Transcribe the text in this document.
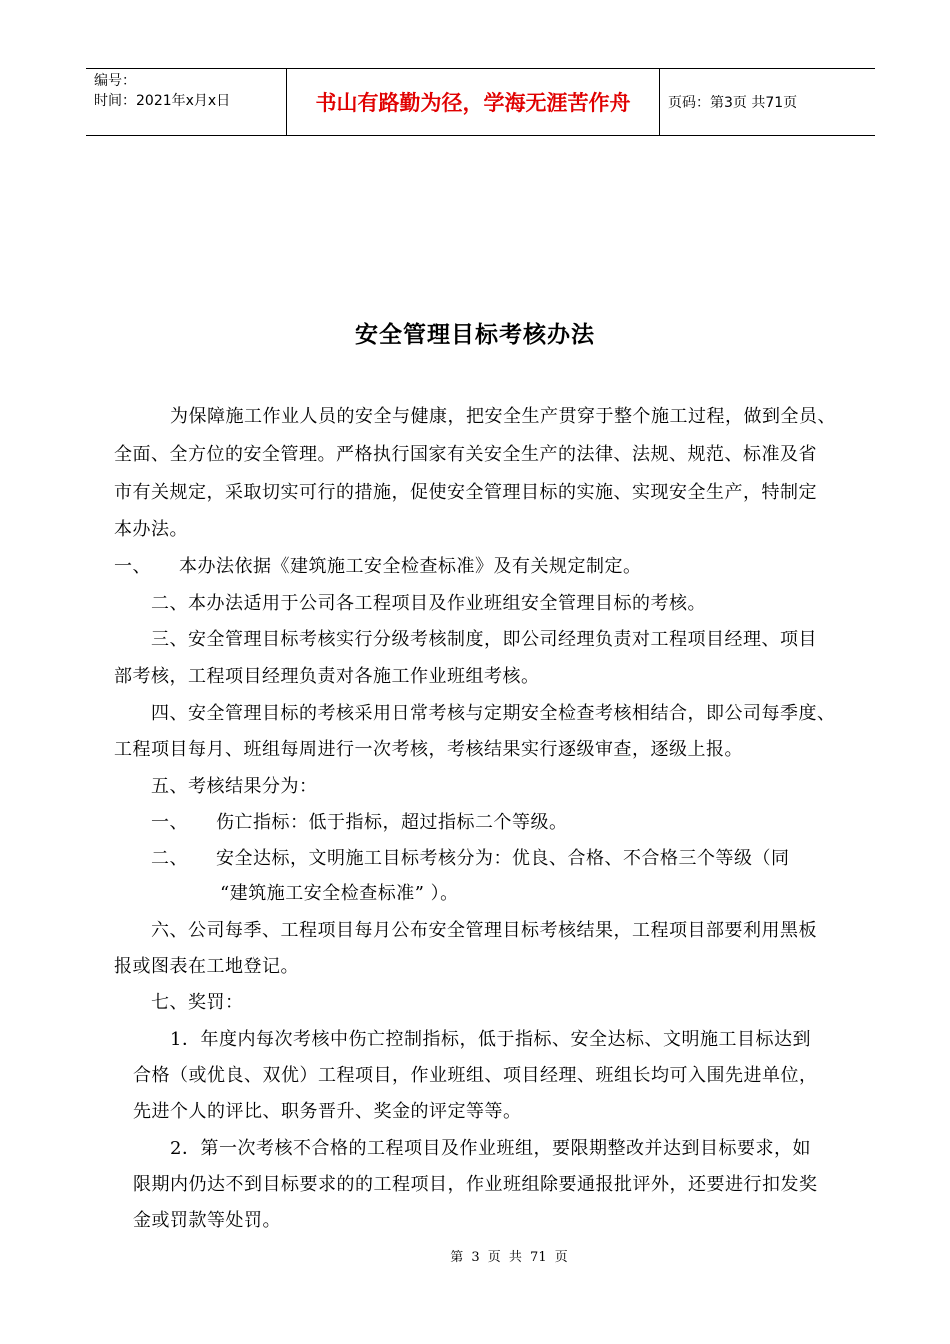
编号：
时间：2021年x月x日	书山有路勤为径，学海无涯苦作舟	页码：第3页 共71页
安全管理目标考核办法
为保障施工作业人员的安全与健康，把安全生产贯穿于整个施工过程，做到全员、
全面、全方位的安全管理。严格执行国家有关安全生产的法律、法规、规范、标准及省
市有关规定，采取切实可行的措施，促使安全管理目标的实施、实现安全生产，特制定
本办法。
一、　　本办法依据《建筑施工安全检查标准》及有关规定制定。
二、本办法适用于公司各工程项目及作业班组安全管理目标的考核。
三、安全管理目标考核实行分级考核制度，即公司经理负责对工程项目经理、项目
部考核，工程项目经理负责对各施工作业班组考核。
四、安全管理目标的考核采用日常考核与定期安全检查考核相结合，即公司每季度、
工程项目每月、班组每周进行一次考核，考核结果实行逐级审查，逐级上报。
五、考核结果分为：
一、　　伤亡指标：低于指标，超过指标二个等级。
二、　　安全达标，文明施工目标考核分为：优良、合格、不合格三个等级（同
“建筑施工安全检查标准” ）。
六、公司每季、工程项目每月公布安全管理目标考核结果，工程项目部要利用黑板
报或图表在工地登记。
七、奖罚：
1．年度内每次考核中伤亡控制指标，低于指标、安全达标、文明施工目标达到
合格（或优良、双优）工程项目，作业班组、项目经理、班组长均可入围先进单位，
先进个人的评比、职务晋升、奖金的评定等等。
2．第一次考核不合格的工程项目及作业班组，要限期整改并达到目标要求，如
限期内仍达不到目标要求的的工程项目，作业班组除要通报批评外，还要进行扣发奖
金或罚款等处罚。
第 3 页 共 71 页
